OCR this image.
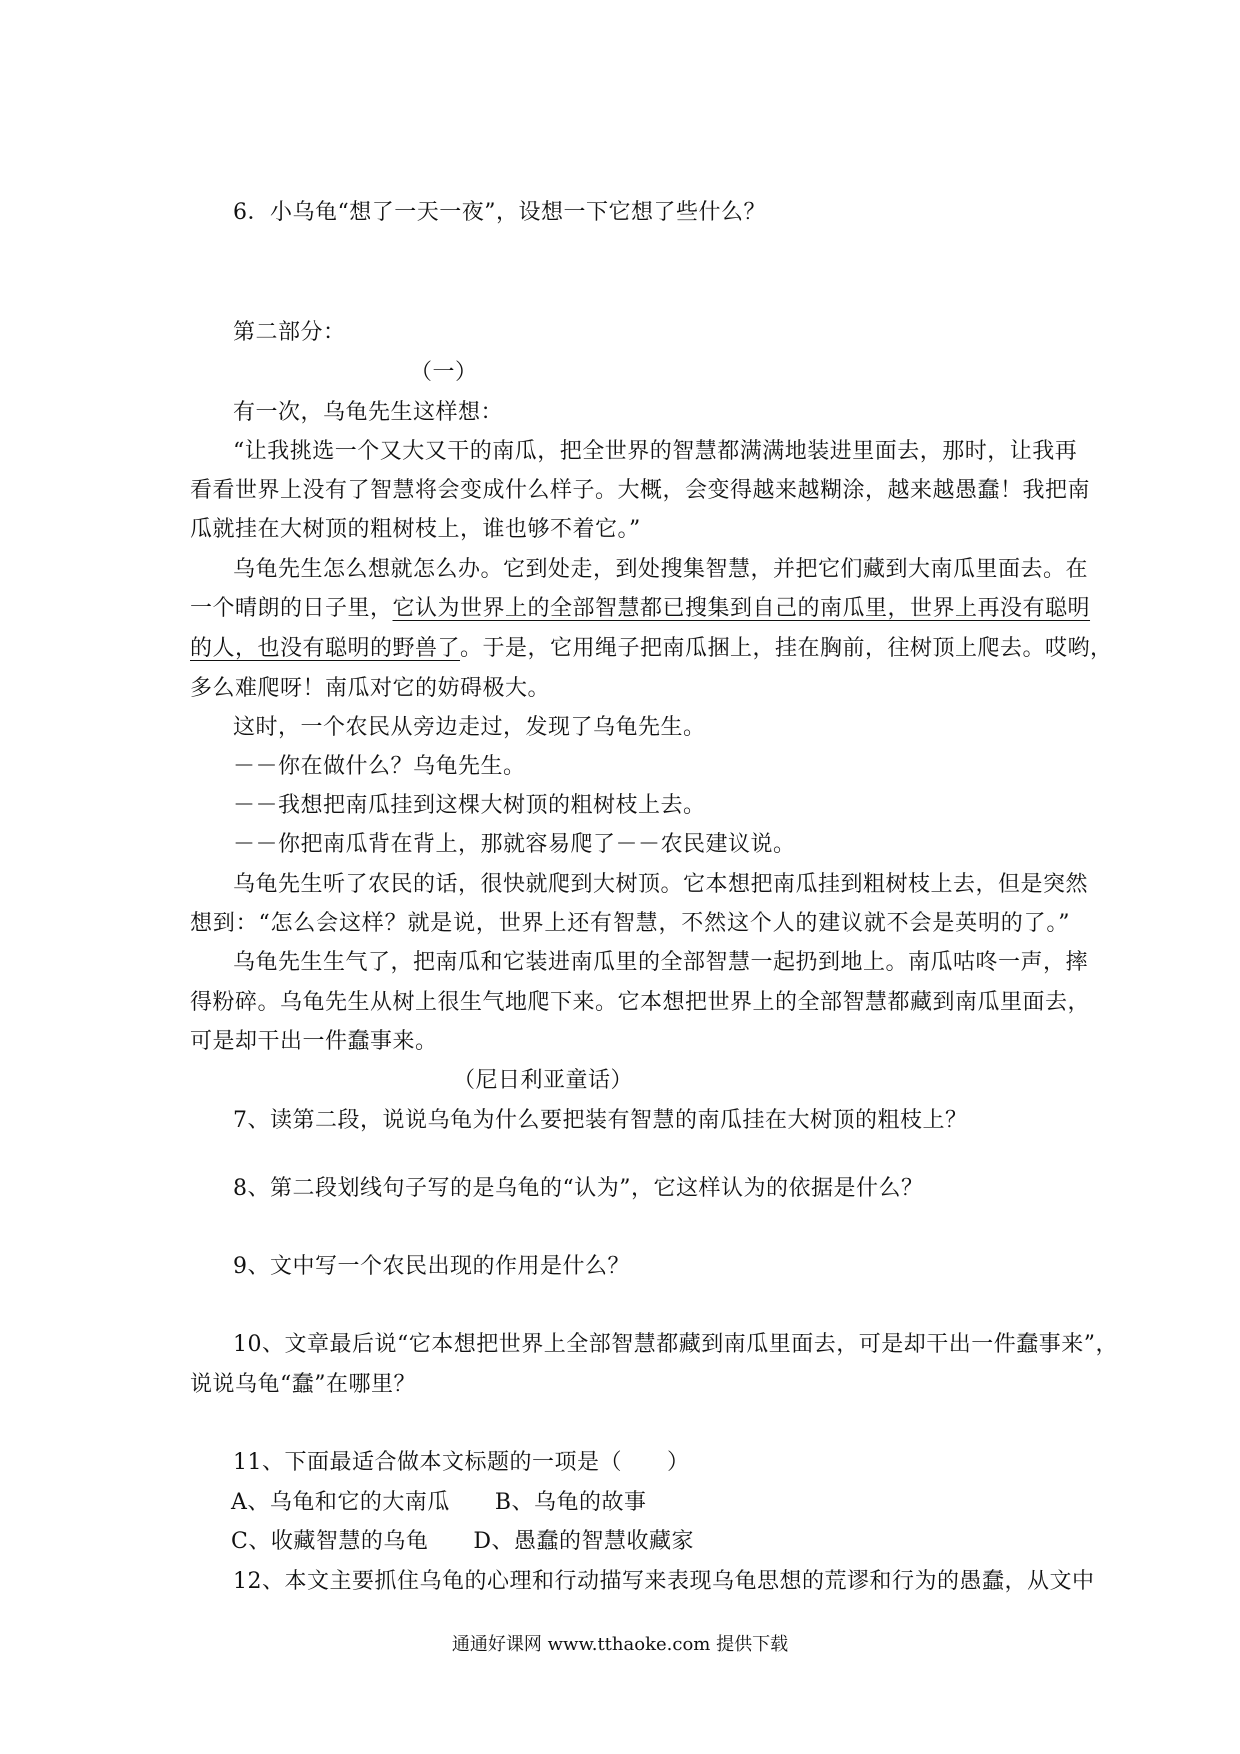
6．小乌龟“想了一天一夜”，设想一下它想了些什么？
第二部分：
（一）
有一次，乌龟先生这样想：
“让我挑选一个又大又干的南瓜，把全世界的智慧都满满地装进里面去，那时，让我再
看看世界上没有了智慧将会变成什么样子。大概，会变得越来越糊涂，越来越愚蠢！我把南
瓜就挂在大树顶的粗树枝上，谁也够不着它。”
乌龟先生怎么想就怎么办。它到处走，到处搜集智慧，并把它们藏到大南瓜里面去。在
一个晴朗的日子里，它认为世界上的全部智慧都已搜集到自己的南瓜里，世界上再没有聪明
的人，也没有聪明的野兽了。于是，它用绳子把南瓜捆上，挂在胸前，往树顶上爬去。哎哟，
多么难爬呀！南瓜对它的妨碍极大。
这时，一个农民从旁边走过，发现了乌龟先生。
－－你在做什么？乌龟先生。
－－我想把南瓜挂到这棵大树顶的粗树枝上去。
－－你把南瓜背在背上，那就容易爬了－－农民建议说。
乌龟先生听了农民的话，很快就爬到大树顶。它本想把南瓜挂到粗树枝上去，但是突然
想到：“怎么会这样？就是说，世界上还有智慧，不然这个人的建议就不会是英明的了。”
乌龟先生生气了，把南瓜和它装进南瓜里的全部智慧一起扔到地上。南瓜咕咚一声，摔
得粉碎。乌龟先生从树上很生气地爬下来。它本想把世界上的全部智慧都藏到南瓜里面去，
可是却干出一件蠢事来。
（尼日利亚童话）
7、读第二段，说说乌龟为什么要把装有智慧的南瓜挂在大树顶的粗枝上？
8、第二段划线句子写的是乌龟的“认为”，它这样认为的依据是什么？
9、文中写一个农民出现的作用是什么？
10、文章最后说“它本想把世界上全部智慧都藏到南瓜里面去，可是却干出一件蠢事来”，
说说乌龟“蠢”在哪里？
11、下面最适合做本文标题的一项是（　　）
A、乌龟和它的大南瓜　　B、乌龟的故事
C、收藏智慧的乌龟　　D、愚蠢的智慧收藏家
12、本文主要抓住乌龟的心理和行动描写来表现乌龟思想的荒谬和行为的愚蠢，从文中
通通好课网 www.tthaoke.com 提供下载
